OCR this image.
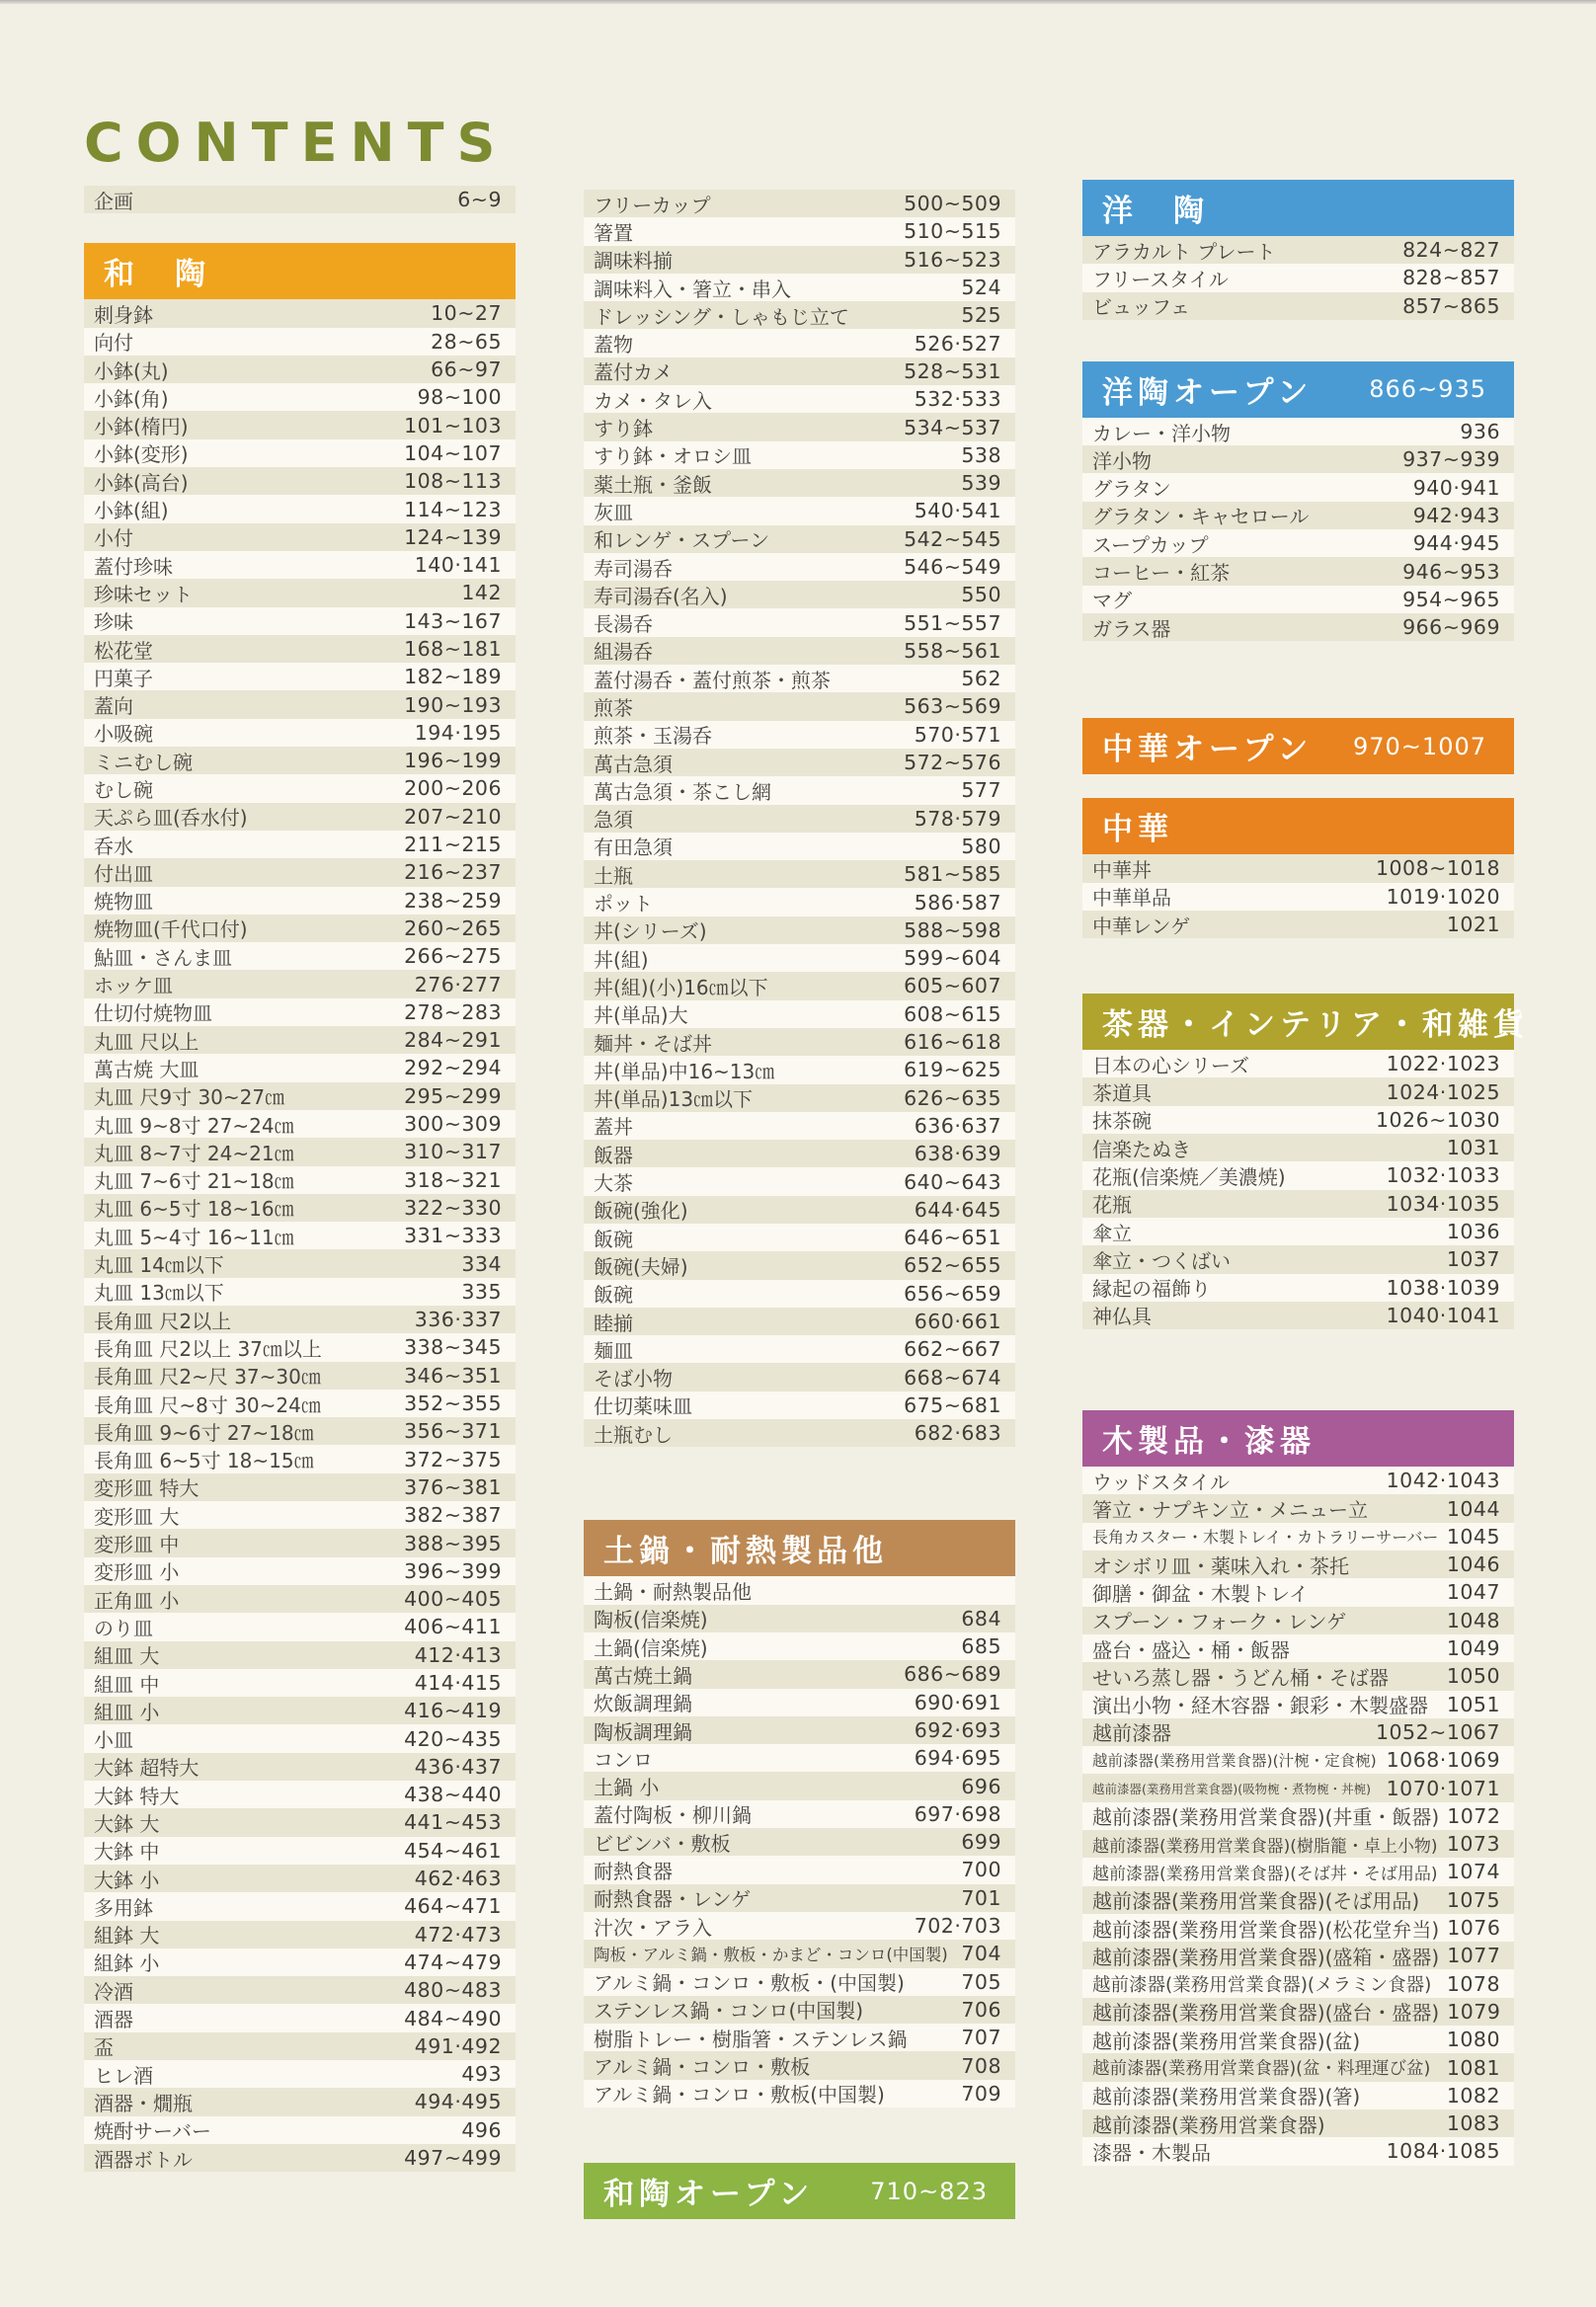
CONTENTS
企画	6~9
和　陶
刺身鉢	10~27
向付	28~65
小鉢(丸)	66~97
小鉢(角)	98~100
小鉢(楕円)	101~103
小鉢(変形)	104~107
小鉢(高台)	108~113
小鉢(組)	114~123
小付	124~139
蓋付珍味	140·141
珍味セット	142
珍味	143~167
松花堂	168~181
円菓子	182~189
蓋向	190~193
小吸碗	194·195
ミニむし碗	196~199
むし碗	200~206
天ぷら皿(呑水付)	207~210
呑水	211~215
付出皿	216~237
焼物皿	238~259
焼物皿(千代口付)	260~265
鮎皿・さんま皿	266~275
ホッケ皿	276·277
仕切付焼物皿	278~283
丸皿 尺以上	284~291
萬古焼 大皿	292~294
丸皿 尺9寸 30~27㎝	295~299
丸皿 9~8寸 27~24㎝	300~309
丸皿 8~7寸 24~21㎝	310~317
丸皿 7~6寸 21~18㎝	318~321
丸皿 6~5寸 18~16㎝	322~330
丸皿 5~4寸 16~11㎝	331~333
丸皿 14㎝以下	334
丸皿 13㎝以下	335
長角皿 尺2以上	336·337
長角皿 尺2以上 37㎝以上	338~345
長角皿 尺2~尺 37~30㎝	346~351
長角皿 尺~8寸 30~24㎝	352~355
長角皿 9~6寸 27~18㎝	356~371
長角皿 6~5寸 18~15㎝	372~375
変形皿 特大	376~381
変形皿 大	382~387
変形皿 中	388~395
変形皿 小	396~399
正角皿 小	400~405
のり皿	406~411
組皿 大	412·413
組皿 中	414·415
組皿 小	416~419
小皿	420~435
大鉢 超特大	436·437
大鉢 特大	438~440
大鉢 大	441~453
大鉢 中	454~461
大鉢 小	462·463
多用鉢	464~471
組鉢 大	472·473
組鉢 小	474~479
冷酒	480~483
酒器	484~490
盃	491·492
ヒレ酒	493
酒器・燗瓶	494·495
焼酎サーバー	496
酒器ボトル	497~499
フリーカップ	500~509
箸置	510~515
調味料揃	516~523
調味料入・箸立・串入	524
ドレッシング・しゃもじ立て	525
蓋物	526·527
蓋付カメ	528~531
カメ・タレ入	532·533
すり鉢	534~537
すり鉢・オロシ皿	538
薬土瓶・釜飯	539
灰皿	540·541
和レンゲ・スプーン	542~545
寿司湯呑	546~549
寿司湯呑(名入)	550
長湯呑	551~557
組湯呑	558~561
蓋付湯呑・蓋付煎茶・煎茶	562
煎茶	563~569
煎茶・玉湯呑	570·571
萬古急須	572~576
萬古急須・茶こし網	577
急須	578·579
有田急須	580
土瓶	581~585
ポット	586·587
丼(シリーズ)	588~598
丼(組)	599~604
丼(組)(小)16㎝以下	605~607
丼(単品)大	608~615
麺丼・そば丼	616~618
丼(単品)中16~13㎝	619~625
丼(単品)13㎝以下	626~635
蓋丼	636·637
飯器	638·639
大茶	640~643
飯碗(強化)	644·645
飯碗	646~651
飯碗(夫婦)	652~655
飯碗	656~659
睦揃	660·661
麺皿	662~667
そば小物	668~674
仕切薬味皿	675~681
土瓶むし	682·683
土鍋・耐熱製品他
土鍋・耐熱製品他
陶板(信楽焼)	684
土鍋(信楽焼)	685
萬古焼土鍋	686~689
炊飯調理鍋	690·691
陶板調理鍋	692·693
コンロ	694·695
土鍋 小	696
蓋付陶板・柳川鍋	697·698
ビビンバ・敷板	699
耐熱食器	700
耐熱食器・レンゲ	701
汁次・アラ入	702·703
陶板・アルミ鍋・敷板・かまど・コンロ(中国製) 704
アルミ鍋・コンロ・敷板・(中国製)	705
ステンレス鍋・コンロ(中国製)	706
樹脂トレー・樹脂箸・ステンレス鍋	707
アルミ鍋・コンロ・敷板	708
アルミ鍋・コンロ・敷板(中国製)	709
和陶オープン 710~823
洋　陶
アラカルト プレート	824~827
フリースタイル	828~857
ビュッフェ	857~865
洋陶オープン 866~935
カレー・洋小物	936
洋小物	937~939
グラタン	940·941
グラタン・キャセロール	942·943
スープカップ	944·945
コーヒー・紅茶	946~953
マグ	954~965
ガラス器	966~969
中華オープン 970~1007
中華
中華丼	1008~1018
中華単品	1019·1020
中華レンゲ	1021
茶器・インテリア・和雑貨
日本の心シリーズ	1022·1023
茶道具	1024·1025
抹茶碗	1026~1030
信楽たぬき	1031
花瓶(信楽焼／美濃焼)	1032·1033
花瓶	1034·1035
傘立	1036
傘立・つくばい	1037
縁起の福飾り	1038·1039
神仏具	1040·1041
木製品・漆器
ウッドスタイル	1042·1043
箸立・ナプキン立・メニュー立	1044
長角カスター・木製トレイ・カトラリーサーバー 1045
オシボリ皿・薬味入れ・茶托	1046
御膳・御盆・木製トレイ	1047
スプーン・フォーク・レンゲ	1048
盛台・盛込・桶・飯器	1049
せいろ蒸し器・うどん桶・そば器	1050
演出小物・経木容器・銀彩・木製盛器 1051
越前漆器	1052~1067
越前漆器(業務用営業食器)(汁椀・定食椀) 1068·1069
越前漆器(業務用営業食器)(吸物椀・煮物椀・丼椀) 1070·1071
越前漆器(業務用営業食器)(丼重・飯器) 1072
越前漆器(業務用営業食器)(樹脂籠・卓上小物) 1073
越前漆器(業務用営業食器)(そば丼・そば用品) 1074
越前漆器(業務用営業食器)(そば用品)	1075
越前漆器(業務用営業食器)(松花堂弁当) 1076
越前漆器(業務用営業食器)(盛箱・盛器) 1077
越前漆器(業務用営業食器)(メラミン食器) 1078
越前漆器(業務用営業食器)(盛台・盛器) 1079
越前漆器(業務用営業食器)(盆)	1080
越前漆器(業務用営業食器)(盆・料理運び盆) 1081
越前漆器(業務用営業食器)(箸)	1082
越前漆器(業務用営業食器)	1083
漆器・木製品	1084·1085
